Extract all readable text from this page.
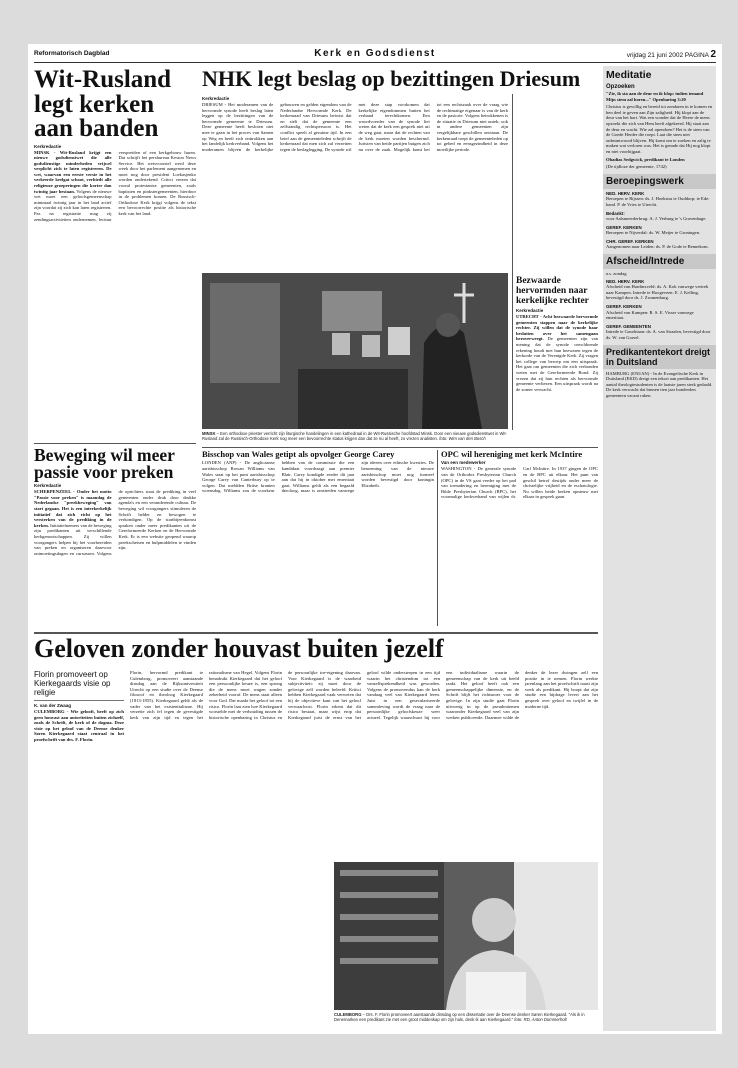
Reformatorisch Dagblad	Kerk en Godsdienst	vrijdag 21 juni 2002 PAGINA 2
Wit-Rusland legt kerken aan banden
Kerkredactie
MINSK - Wit-Rusland krijgt een nieuwe godsdienstwet die alle godsdienstige minderheden vrijwel verplicht zich te laten registreren. De wet, waarvan een eerste versie in het verkeerde keelgat schoot, verbiedt alle religieuze groeperingen die korter dan twintig jaar bestaan. Volgens de nieuwe wet moet een geloofsgemeenschap minimaal twintig jaar in het land actief zijn voordat zij zich kan laten registreren. Pas na registratie mag zij zendingsactiviteiten ondernemen, lectuur verspreiden of een kerkgebouw huren. Dat schrijft het persbureau Keston News Service. Het wetsvoorstel werd deze week door het parlement aangenomen en moet nog door president Loekasjenko worden ondertekend. Critici vrezen dat vooral protestantse gemeenten, zoals baptisten en pinkstergemeenten, hierdoor in de problemen komen. De Russisch-Orthodoxe Kerk krijgt volgens de tekst een bevoorrechte positie als historische kerk van het land.
Beweging wil meer passie voor preken
Kerkredactie
SCHERPENZEEL - Onder het motto "Passie voor preken" is maandag de Nederlandse "preekbeweging" van start gegaan. Het is een interkerkelijk initiatief dat zich richt op het versterken van de prediking in de kerken. Initiatiefnemers van de beweging zijn predikanten uit verschillende kerkgenootschappen. Zij willen voorgangers helpen bij het voorbereiden van preken en organiseren daarvoor ontmoetingsdagen en cursussen. Volgens de oprichters staat de prediking in veel gemeenten onder druk door drukke agenda's en een veranderende cultuur. De beweging wil voorgangers stimuleren de Schrift helder en bewogen te verkondigen. Op de startbijeenkomst spraken onder meer predikanten uit de Gereformeerde Kerken en de Hervormde Kerk. Er is een website geopend waarop preekschetsen en hulpmiddelen te vinden zijn.
NHK legt beslag op bezittingen Driesum
Kerkredactie
DRIESUM - Het moderamen van de hervormde synode heeft beslag laten leggen op de bezittingen van de hervormde gemeente te Driesum. Deze gemeente heeft besloten niet mee te gaan in het proces van Samen op Weg en heeft zich onttrokken aan het landelijk kerkverband. Volgens het moderamen blijven de kerkelijke gebouwen en gelden eigendom van de Nederlandse Hervormde Kerk. De kerkenraad van Driesum betwist dat en stelt dat de gemeente een zelfstandig rechtspersoon is. Het conflict speelt al geruime tijd. In een brief aan de gemeenteleden schrijft de kerkenraad dat men zich zal verzetten tegen de beslaglegging. De synode wil met deze stap voorkomen dat kerkelijke eigendommen buiten het verband terechtkomen. Een woordvoerder van de synode liet weten dat de kerk een gesprek niet uit de weg gaat, maar dat de rechten van de kerk moeten worden beschermd. Juristen van beide partijen buigen zich nu over de zaak. Mogelijk komt het tot een rechtszaak over de vraag wie de rechtmatige eigenaar is van de kerk en de pastorie. Volgens betrokkenen is de situatie in Driesum niet uniek; ook in andere gemeenten zijn vergelijkbare geschillen ontstaan. De kerkenraad roept de gemeenteleden op tot gebed en eensgezindheid in deze moeilijke periode.
Bezwaarde hervormden naar kerkelijke rechter
Kerkredactie
UTRECHT - Acht bezwaarde hervormde gemeenten stappen naar de kerkelijke rechter. Zij willen dat de synode haar besluiten over het samengaan heroverweegt. De gemeenten zijn van mening dat de synode onvoldoende rekening houdt met hun bezwaren tegen de kerkorde van de Verenigde Kerk. Zij vragen het college van beroep om een uitspraak. Het gaat om gemeenten die zich verbonden weten met de Gereformeerde Bond. Zij vrezen dat zij hun rechten als hervormde gemeente verliezen. Een uitspraak wordt na de zomer verwacht.
MINSK – Een orthodoxe priester verricht zijn liturgische handelingen in een kathedraal in de Wit-Russische hoofdstad Minsk. Door een nieuwe godsdienstwet in Wit-Rusland zal de Russisch-Orthodoxe Kerk nog meer een bevoorrechte status krijgen dan dat ze nu al heeft, zo vrezen analisten. foto: Wim van den Bosch
Bisschop van Wales getipt als opvolger George Carey
LONDEN (ANP) - De anglicaanse aartsbisschop Rowan Williams van Wales staat op het punt aartsbisschop George Carey van Canterbury op te volgen. Dat meldden Britse kranten woensdag. Williams zou de voorkeur hebben van de commissie die een kandidaat voordraagt aan premier Blair. Carey kondigde eerder dit jaar aan dat hij in oktober met emeritaat gaat. Williams geldt als een begaafd theoloog, maar is omstreden vanwege zijn ideeen over ethische kwesties. De benoeming van de nieuwe aartsbisschop moet nog formeel worden bevestigd door koningin Elizabeth.
OPC wil hereniging met kerk McIntire
Van een medewerker
WASHINGTON - De generale synode van de Orthodox Presbyterian Church (OPC) in de VS gaat verder op het pad van toenadering en hereniging met de Bible Presbyterian Church (BPC), het voormalige kerkverband van wijlen dr. Carl McIntire. In 1937 gingen de OPC en de BPC uit elkaar. Het punt van geschil betrof destijds onder meer de christelijke vrijheid en de eschatologie. Nu willen beide kerken opnieuw met elkaar in gesprek gaan.
Geloven zonder houvast buiten jezelf
Florin promoveert op Kierkegaards visie op religie
K. van der Zwaag
CULEMBORG - Wie gelooft, heeft op zich geen houvast aan autoriteiten buiten zichzelf, zoals de Schrift, de kerk of de dogma. Deze visie op het geloof van de Deense denker Søren Kierkegaard staat centraal in het proefschrift van drs. F. Florin.
Florin, hervormd predikant te Culemborg, promoveert aanstaande dinsdag aan de Rijksuniversiteit Utrecht op een studie over de Deense filosoof en theoloog Kierkegaard (1813-1855). Kierkegaard geldt als de vader van het existentialisme. Hij verzette zich fel tegen de gevestigde kerk van zijn tijd en tegen het rationalisme van Hegel. Volgens Florin benadrukt Kierkegaard dat het geloof een persoonlijke keuze is, een sprong die de mens moet wagen zonder zekerheid vooraf. De mens staat alleen voor God. Dat maakt het geloof tot een risico. Florin laat zien hoe Kierkegaard worstelde met de verhouding tussen de historische openbaring in Christus en de persoonlijke toe-eigening daarvan. Voor Kierkegaard is de waarheid subjectiviteit: zij moet door de gelovige zelf worden beleefd. Kritici hebben Kierkegaard vaak verweten dat hij de objectieve kant van het geloof verwaarloost. Florin erkent dat dit risico bestaat, maar wijst erop dat Kierkegaard juist de ernst van het geloof wilde onderstrepen in een tijd waarin het christendom tot een vanzelfsprekendheid was geworden. Volgens de promovendus kan de kerk vandaag veel van Kierkegaard leren. Juist in een geseculariseerde samenleving wordt de vraag naar de persoonlijke geloofskeuze weer actueel. Tegelijk waarschuwt hij voor een individualisme waarin de gemeenschap van de kerk uit beeld raakt. Het geloof heeft ook een gemeenschappelijke dimensie, en de Schrift blijft het richtsnoer voor de gelovige. In zijn studie gaat Florin uitvoerig in op de pseudoniemen waaronder Kierkegaard veel van zijn werken publiceerde. Daarmee wilde de denker de lezer dwingen zelf een positie in te nemen. Florin werkte jarenlang aan het proefschrift naast zijn werk als predikant. Hij hoopt dat zijn studie een bijdrage levert aan het gesprek over geloof en twijfel in de moderne tijd.
CULEMBORG – Drs. F. Florin promoveert aanstaande dinsdag op een dissertatie over de Deense denker Søren Kierkegaard. "Als ik in Denemarken een predikant zie met een groot middenkap om zijn hals, denk ik aan Kierkegaard." foto: RD, Anton Dommerholt
Meditatie
Opzoeken

"Zie, ik sta aan de deur en ik klop: indien iemand Mijn stem zal horen..." Openbaring 3:20

Christus is gewillig en bereid tot zondaren in te komen en hen deel te geven aan Zijn zaligheid. Hij klopt aan de deur van het hart. Wat een wonder dat de Heere de mens opzoekt die zich van Hem heeft afgekeerd. Hij staat aan de deur en wacht. Wie zal opendoen? Het is de stem van de Goede Herder die roept. Laat die stem niet onbeantwoord blijven. Hij komt om te zoeken en zalig te maken wat verloren was. Het is genade dat Hij nog klopt en niet voorbijgaat.

Obadias Sedgwick, predikant te Londen

(De tijdloze der gemeente, 1742)

Beroepingswerk
NED. HERV. KERK
Beroepen te Rijssen: ds. J. Hoekstra te Ouddorp; te Ede: kand. P. de Vries te Utrecht.
Bedankt:
voor Aalsmeerderbrug: A. J. Verburg te 's Gravenhage.
GEREF. KERKEN
Beroepen te Nijverdal: ds. W. Meijer te Groningen.
CHR. GEREF. KERKEN
Aangenomen naar Leiden: ds. P. de Gode te Bennekom.
Afscheid/Intrede

a.s. zondag

NED. HERV. KERK
Afscheid van Hardinxveld: ds. A. Kok vanwege vertrek naar Kampen. Intrede te Hoogeveen: E. J. Kelling, bevestigd door ds. J. Zwanenburg.
GEREF. KERKEN
Afscheid van Kampen: R. S. E. Visser vanwege emeritaat.
GEREF. GEMEENTEN
Intrede te Goudriaan: ds. A. van Straalen, bevestigd door ds. W. van Gorsel.
Predikantentekort dreigt in Duitsland

HAMBURG (ENI/AN) - In de Evangelische Kerk in Duitsland (EKD) dreigt een tekort aan predikanten. Het aantal theologiestudenten is de laatste jaren sterk gedaald. De kerk verwacht dat binnen tien jaar honderden gemeenten vacant raken.
